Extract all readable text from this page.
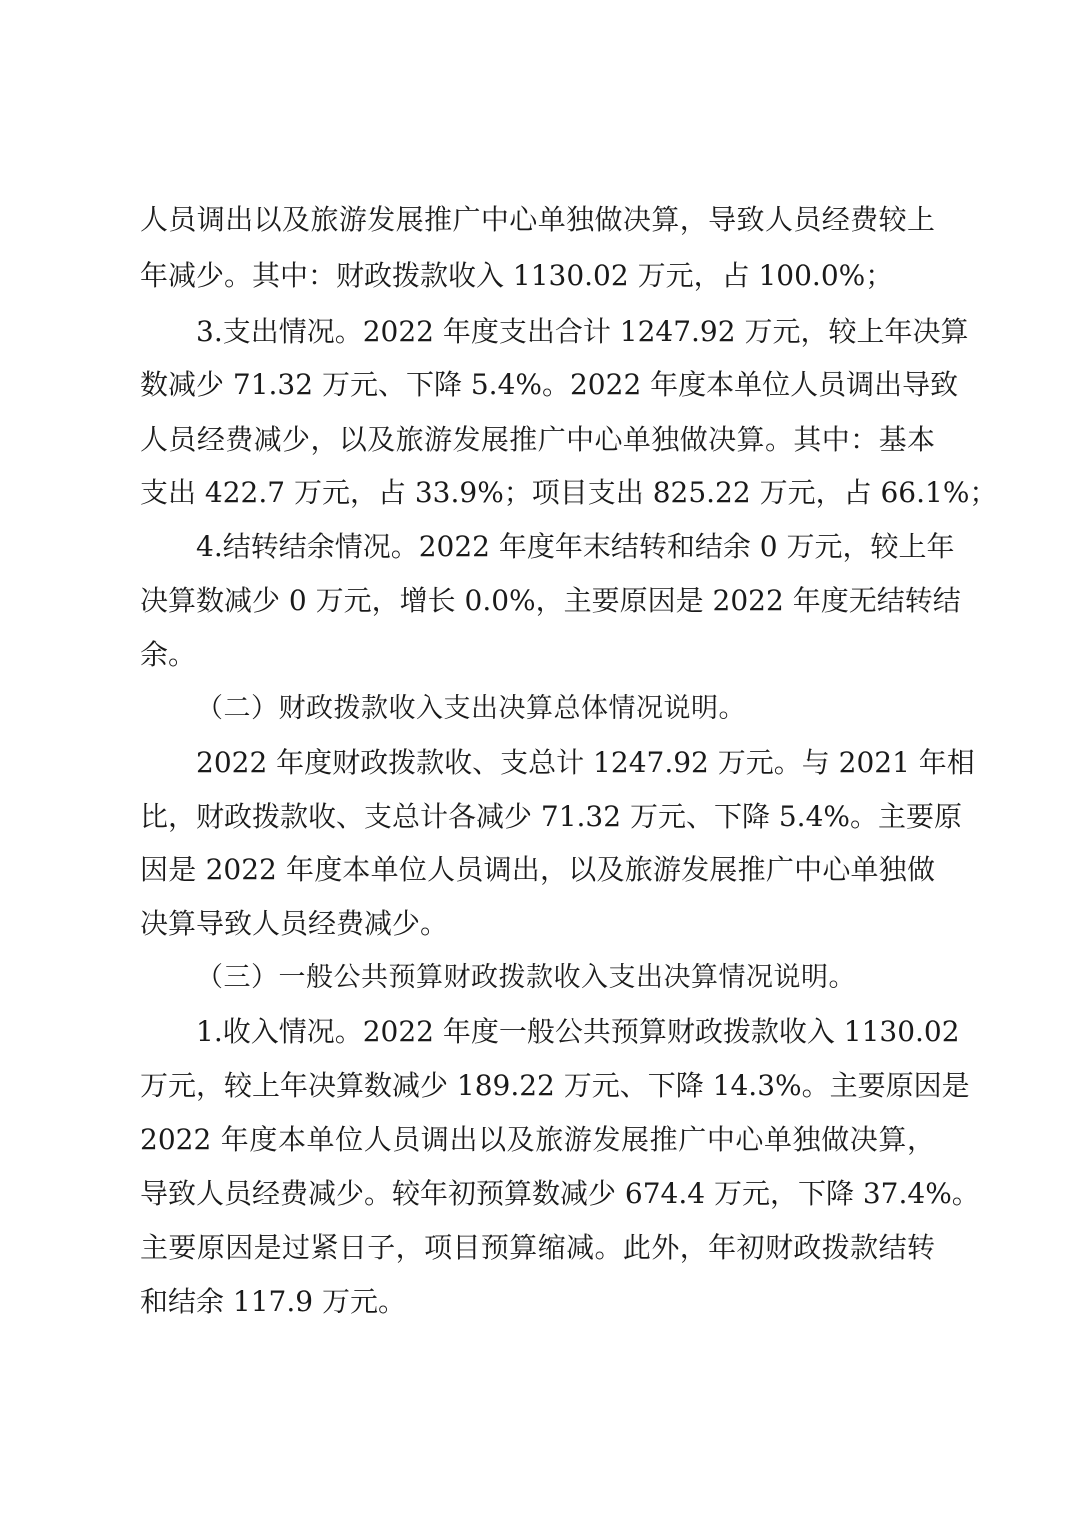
人员调出以及旅游发展推广中心单独做决算，导致人员经费较上

年减少。其中：财政拨款收入 1130.02 万元，占 100.0%；

3.支出情况。2022 年度支出合计 1247.92 万元，较上年决算

数减少 71.32 万元、下降 5.4%。2022 年度本单位人员调出导致

人员经费减少，以及旅游发展推广中心单独做决算。其中：基本

支出 422.7 万元，占 33.9%；项目支出 825.22 万元，占 66.1%；

4.结转结余情况。2022 年度年末结转和结余 0 万元，较上年

决算数减少 0 万元，增长 0.0%，主要原因是 2022 年度无结转结

余。

（二）财政拨款收入支出决算总体情况说明。

2022 年度财政拨款收、支总计 1247.92 万元。与 2021 年相

比，财政拨款收、支总计各减少 71.32 万元、下降 5.4%。主要原

因是 2022 年度本单位人员调出，以及旅游发展推广中心单独做

决算导致人员经费减少。

（三）一般公共预算财政拨款收入支出决算情况说明。

1.收入情况。2022 年度一般公共预算财政拨款收入 1130.02

万元，较上年决算数减少 189.22 万元、下降 14.3%。主要原因是

2022 年度本单位人员调出以及旅游发展推广中心单独做决算，

导致人员经费减少。较年初预算数减少 674.4 万元，下降 37.4%。

主要原因是过紧日子，项目预算缩减。此外，年初财政拨款结转

和结余 117.9 万元。
